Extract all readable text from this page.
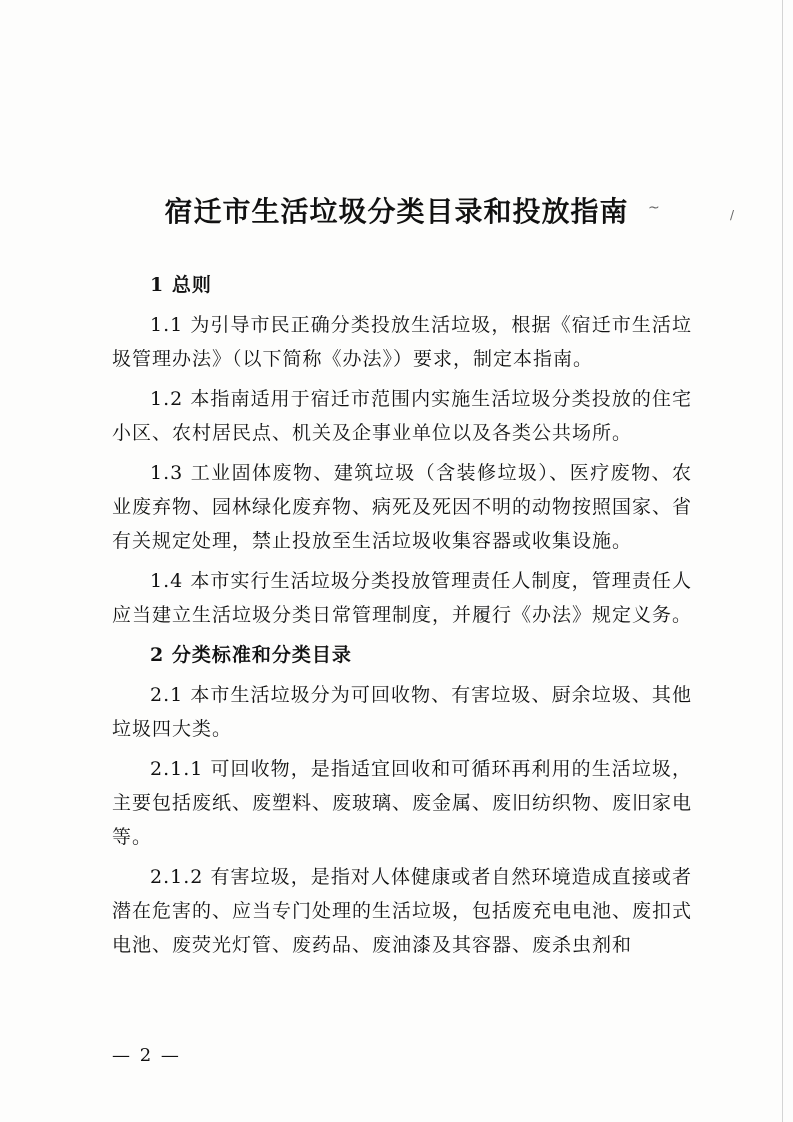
~	/
宿迁市生活垃圾分类目录和投放指南

1 总则

1.1 为引导市民正确分类投放生活垃圾，根据《宿迁市生活垃圾管理办法》（以下简称《办法》）要求，制定本指南。

1.2 本指南适用于宿迁市范围内实施生活垃圾分类投放的住宅小区、农村居民点、机关及企事业单位以及各类公共场所。

1.3 工业固体废物、建筑垃圾（含装修垃圾）、医疗废物、农业废弃物、园林绿化废弃物、病死及死因不明的动物按照国家、省有关规定处理，禁止投放至生活垃圾收集容器或收集设施。

1.4 本市实行生活垃圾分类投放管理责任人制度，管理责任人应当建立生活垃圾分类日常管理制度，并履行《办法》规定义务。

2 分类标准和分类目录

2.1 本市生活垃圾分为可回收物、有害垃圾、厨余垃圾、其他垃圾四大类。

2.1.1 可回收物，是指适宜回收和可循环再利用的生活垃圾，主要包括废纸、废塑料、废玻璃、废金属、废旧纺织物、废旧家电等。

2.1.2 有害垃圾，是指对人体健康或者自然环境造成直接或者潜在危害的、应当专门处理的生活垃圾，包括废充电电池、废扣式电池、废荧光灯管、废药品、废油漆及其容器、废杀虫剂和

— 2 —
